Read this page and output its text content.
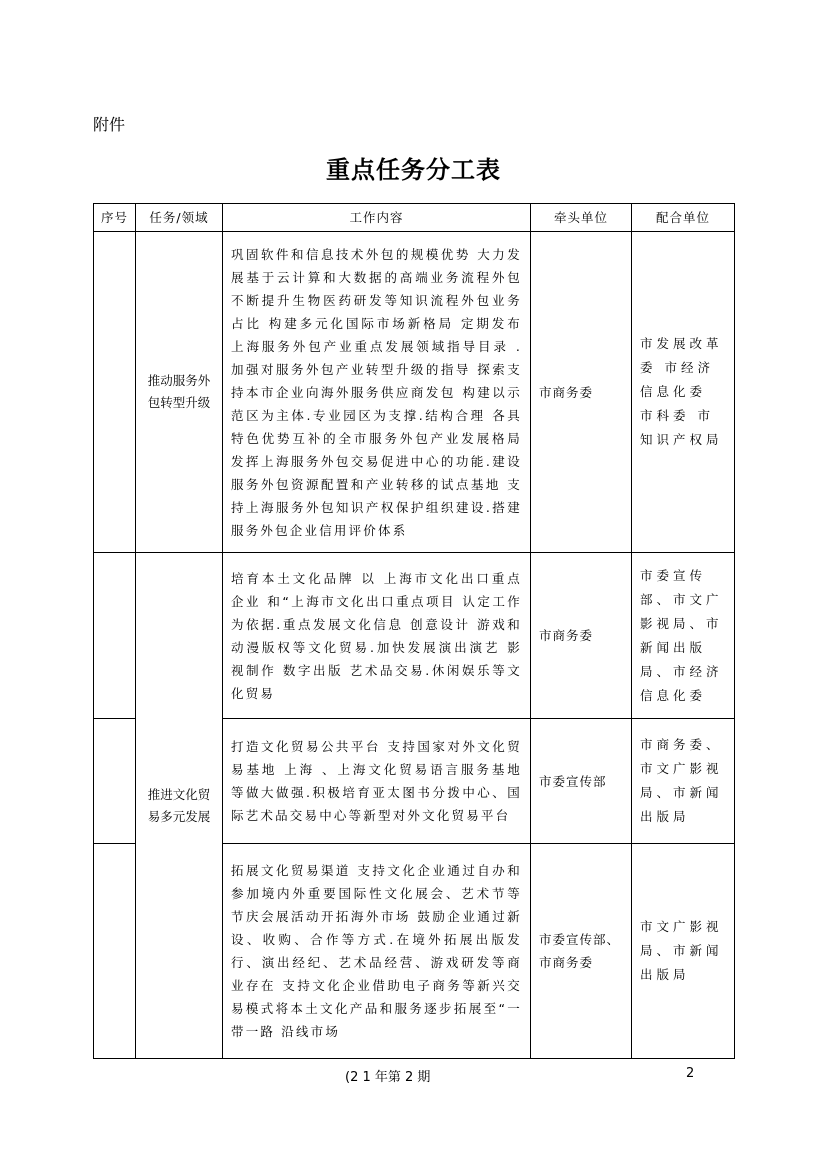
附件
重点任务分工表
序号	任务/领域	工作内容	牵头单位	配合单位
	推动服务外包转型升级	巩固软件和信息技术外包的规模优势 大力发展基于云计算和大数据的高端业务流程外包 不断提升生物医药研发等知识流程外包业务占比 构建多元化国际市场新格局 定期发布 上海服务外包产业重点发展领域指导目录 .加强对服务外包产业转型升级的指导 探索支持本市企业向海外服务供应商发包 构建以示范区为主体.专业园区为支撑.结构合理 各具特色优势互补的全市服务外包产业发展格局 发挥上海服务外包交易促进中心的功能.建设服务外包资源配置和产业转移的试点基地 支持上海服务外包知识产权保护组织建设.搭建服务外包企业信用评价体系	市商务委	市发展改革委 市经济信息化委 市科委 市知识产权局
	推进文化贸易多元发展	培育本土文化品牌 以 上海市文化出口重点企业 和“上海市文化出口重点项目 认定工作为依据.重点发展文化信息 创意设计 游戏和动漫版权等文化贸易.加快发展演出演艺 影视制作 数字出版 艺术品交易.休闲娱乐等文化贸易	市商务委	市委宣传部、市文广影视局、市新闻出版局、市经济信息化委
		打造文化贸易公共平台 支持国家对外文化贸易基地 上海 、上海文化贸易语言服务基地等做大做强.积极培育亚太图书分拨中心、国际艺术品交易中心等新型对外文化贸易平台	市委宣传部	市商务委、市文广影视局、市新闻出版局
		拓展文化贸易渠道 支持文化企业通过自办和参加境内外重要国际性文化展会、艺术节等节庆会展活动开拓海外市场 鼓励企业通过新设、收购、合作等方式.在境外拓展出版发行、演出经纪、艺术品经营、游戏研发等商业存在 支持文化企业借助电子商务等新兴交易模式将本土文化产品和服务逐步拓展至“一带一路 沿线市场	市委宣传部、市商务委	市文广影视局、市新闻出版局
(2 1 年第 2 期	2
